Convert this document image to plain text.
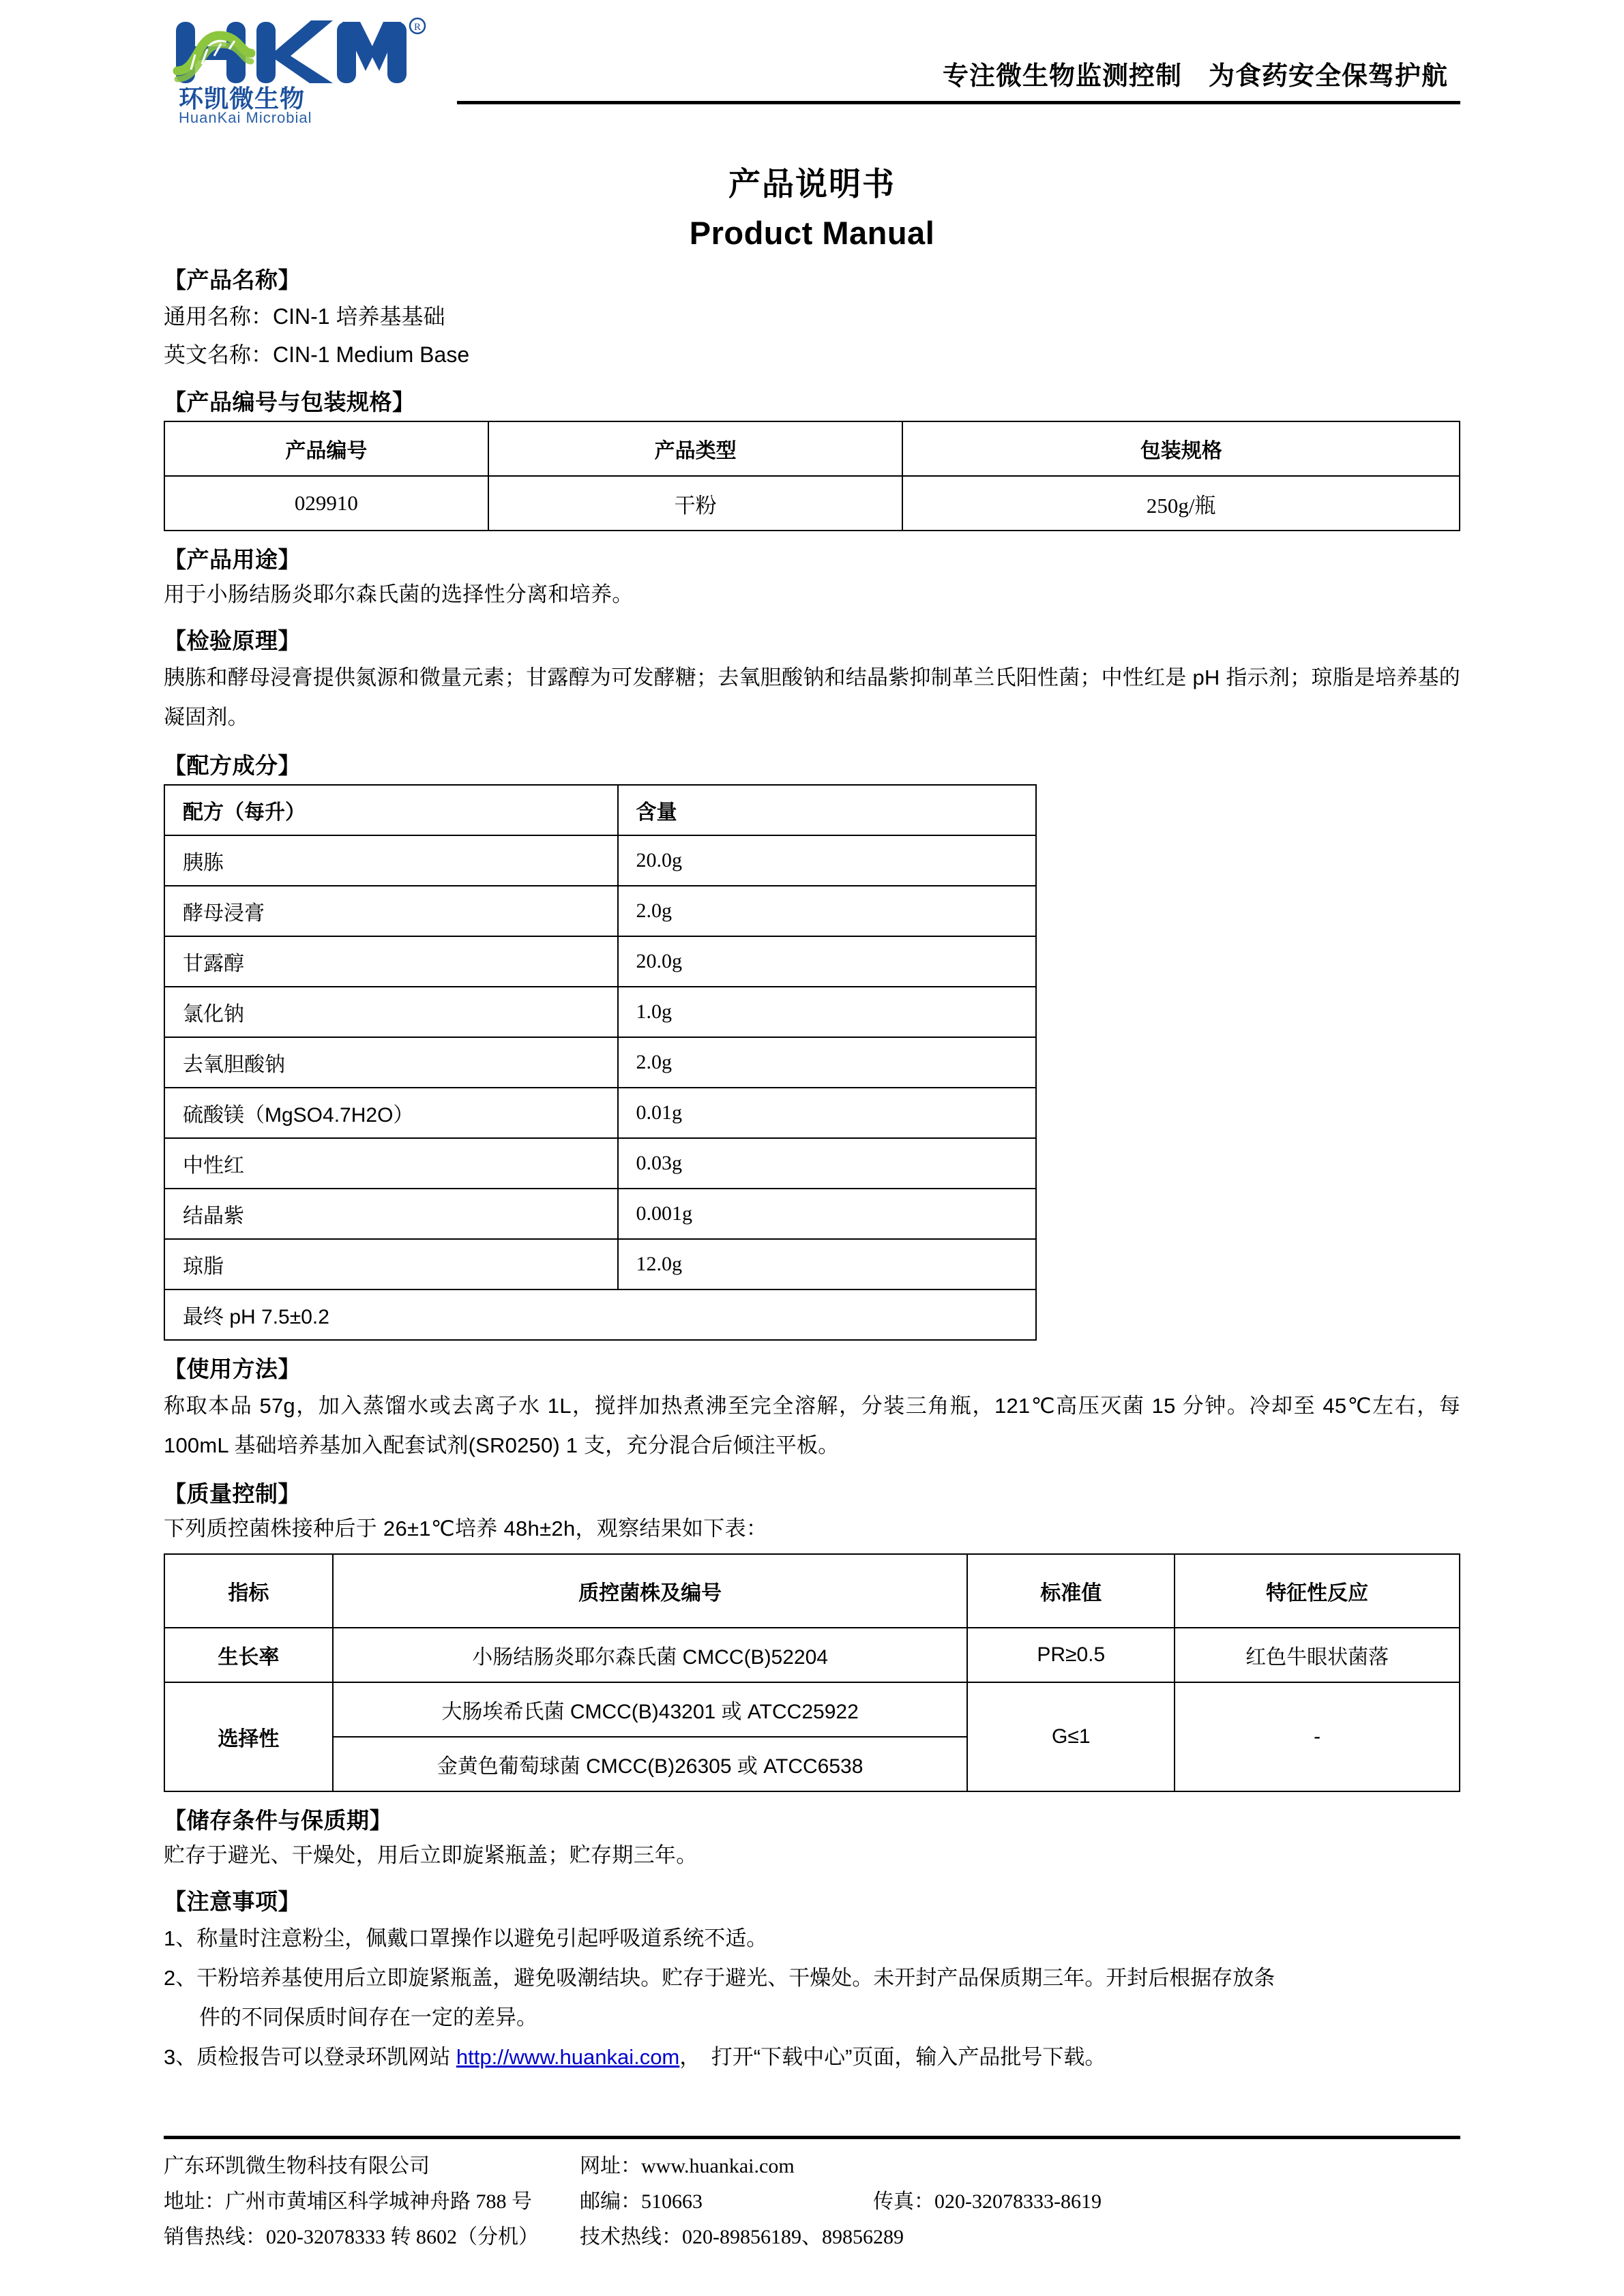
R
环凯微生物
HuanKai Microbial
专注微生物监测控制　为食药安全保驾护航
产品说明书
Product Manual
【产品名称】
通用名称：CIN-1 培养基基础
英文名称：CIN-1 Medium Base
【产品编号与包装规格】
产品编号	产品类型	包装规格
029910	干粉	250g/瓶
【产品用途】
用于小肠结肠炎耶尔森氏菌的选择性分离和培养。
【检验原理】
胰胨和酵母浸膏提供氮源和微量元素；甘露醇为可发酵糖；去氧胆酸钠和结晶紫抑制革兰氏阳性菌；中性红是 pH 指示剂；琼脂是培养基的凝固剂。
【配方成分】
配方（每升）	含量
胰胨	20.0g
酵母浸膏	2.0g
甘露醇	20.0g
氯化钠	1.0g
去氧胆酸钠	2.0g
硫酸镁（MgSO4.7H2O）	0.01g
中性红	0.03g
结晶紫	0.001g
琼脂	12.0g
最终 pH 7.5±0.2	
【使用方法】
称取本品 57g，加入蒸馏水或去离子水 1L，搅拌加热煮沸至完全溶解，分装三角瓶，121℃高压灭菌 15 分钟。冷却至 45℃左右，每 100mL 基础培养基加入配套试剂(SR0250) 1 支，充分混合后倾注平板。
【质量控制】
下列质控菌株接种后于 26±1℃培养 48h±2h，观察结果如下表：
指标	质控菌株及编号	标准值	特征性反应
生长率	小肠结肠炎耶尔森氏菌 CMCC(B)52204	PR≥0.5	红色牛眼状菌落
选择性	大肠埃希氏菌 CMCC(B)43201 或 ATCC25922	G≤1	-
	金黄色葡萄球菌 CMCC(B)26305 或 ATCC6538		
【储存条件与保质期】
贮存于避光、干燥处，用后立即旋紧瓶盖；贮存期三年。
【注意事项】
1、称量时注意粉尘，佩戴口罩操作以避免引起呼吸道系统不适。
2、干粉培养基使用后立即旋紧瓶盖，避免吸潮结块。贮存于避光、干燥处。未开封产品保质期三年。开封后根据存放条
件的不同保质时间存在一定的差异。
3、质检报告可以登录环凯网站 http://www.huankai.com，　打开“下载中心”页面，输入产品批号下载。
广东环凯微生物科技有限公司
地址：广州市黄埔区科学城神舟路 788 号
销售热线：020-32078333 转 8602（分机）
网址：www.huankai.com
邮编：510663	传真：020-32078333-8619
技术热线：020-89856189、89856289
